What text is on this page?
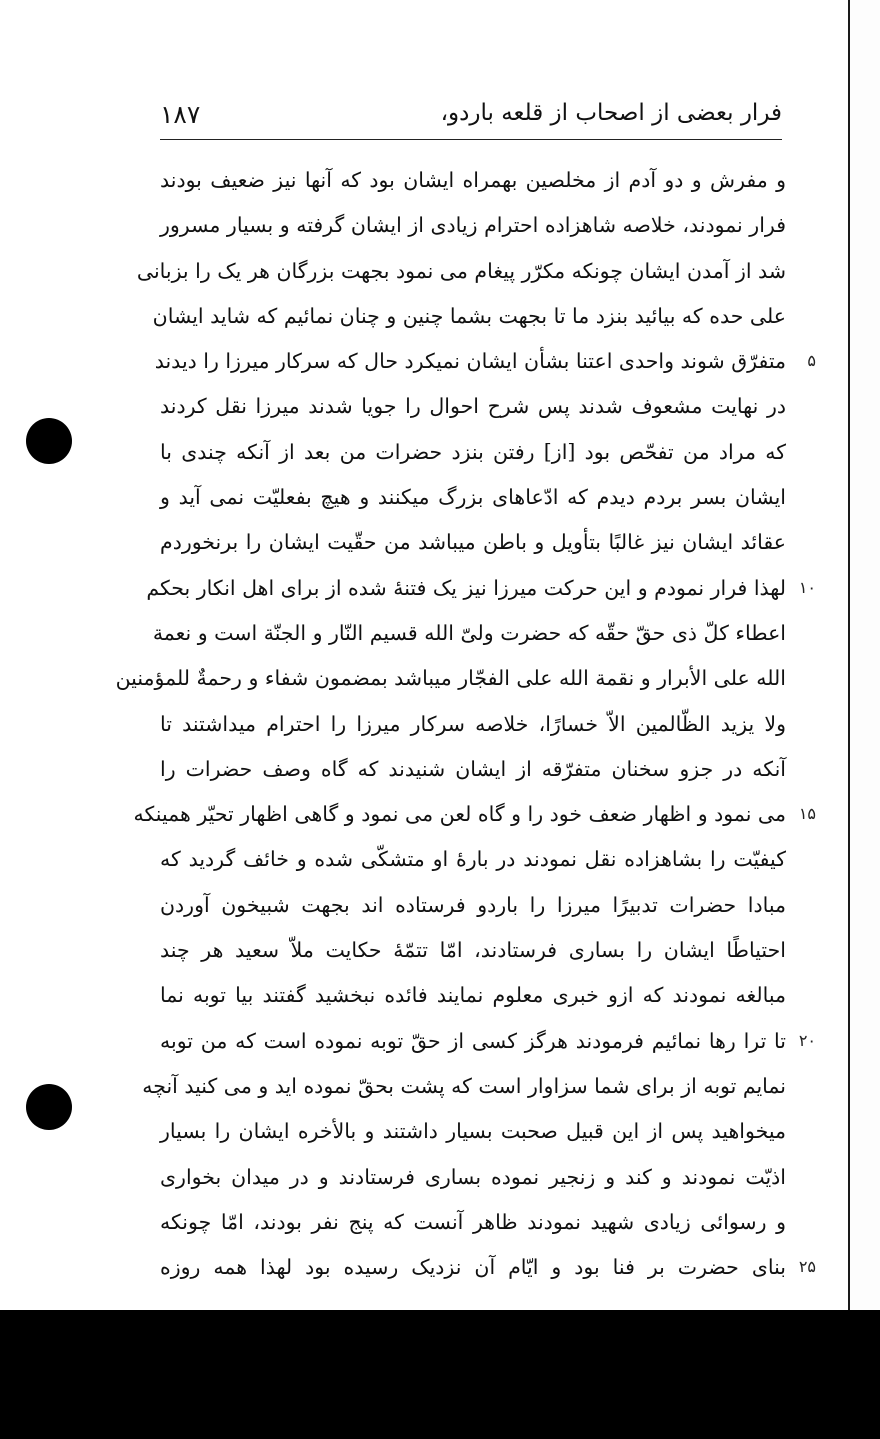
فرار بعضی از اصحاب از قلعه باردو،
۱۸۷
و مفرش و دو آدم از مخلصین بهمراه ایشان بود که آنها نیز ضعیف بودند
فرار نمودند، خلاصه شاهزاده احترام زیادی از ایشان گرفته و بسیار مسرور
شد از آمدن ایشان چونکه مکرّر پیغام می نمود بجهت بزرگان هر یک را بزبانی
علی حده که بیائید بنزد ما تا بجهت بشما چنین و چنان نمائیم که شاید ایشان
متفرّق شوند واحدی اعتنا بشأن ایشان نمیکرد حال که سرکار میرزا را دیدند	۵
در نهایت مشعوف شدند پس شرح احوال را جویا شدند میرزا نقل کردند
که مراد من تفحّص بود [از] رفتن بنزد حضرات من بعد از آنکه چندی با
ایشان بسر بردم دیدم که ادّعاهای بزرگ میکنند و هیچ بفعلیّت نمی آید و
عقائد ایشان نیز غالبًا بتأویل و باطن میباشد من حقّیت ایشان را برنخوردم
لهذا فرار نمودم و این حرکت میرزا نیز یک فتنهٔ شده از برای اهل انکار بحکم ۱۰
اعطاء کلّ ذی حقّ حقّه که حضرت ولیّ الله قسیم النّار و الجنّة است و نعمة
الله علی الأبرار و نقمة الله علی الفجّار میباشد بمضمون شفاء و رحمةٌ للمؤمنین
ولا یزید الظّالمین الاّ خسارًا، خلاصه سرکار میرزا را احترام میداشتند تا
آنکه در جزو سخنان متفرّقه از ایشان شنیدند که گاه وصف حضرات را
می نمود و اظهار ضعف خود را و گاه لعن می نمود و گاهی اظهار تحیّر همینکه ۱۵
کیفیّت را بشاهزاده نقل نمودند در بارهٔ او متشکّی شده و خائف گردید که
مبادا حضرات تدبیرًا میرزا را باردو فرستاده اند بجهت شبیخون آوردن
احتیاطًا ایشان را بساری فرستادند، امّا تتمّهٔ حکایت ملاّ سعید هر چند
مبالغه نمودند که ازو خبری معلوم نمایند فائده نبخشید گفتند بیا توبه نما
تا ترا رها نمائیم فرمودند هرگز کسی از حقّ توبه نموده است که من توبه ۲۰
نمایم توبه از برای شما سزاوار است که پشت بحقّ نموده اید و می کنید آنچه
میخواهید پس از این قبیل صحبت بسیار داشتند و بالأخره ایشان را بسیار
اذیّت نمودند و کند و زنجیر نموده بساری فرستادند و در میدان بخواری
و رسوائی زیادی شهید نمودند ظاهر آنست که پنج نفر بودند، امّا چونکه
بنای حضرت بر فنا بود و ایّام آن نزدیک رسیده بود لهذا همه روزه ۲۵
